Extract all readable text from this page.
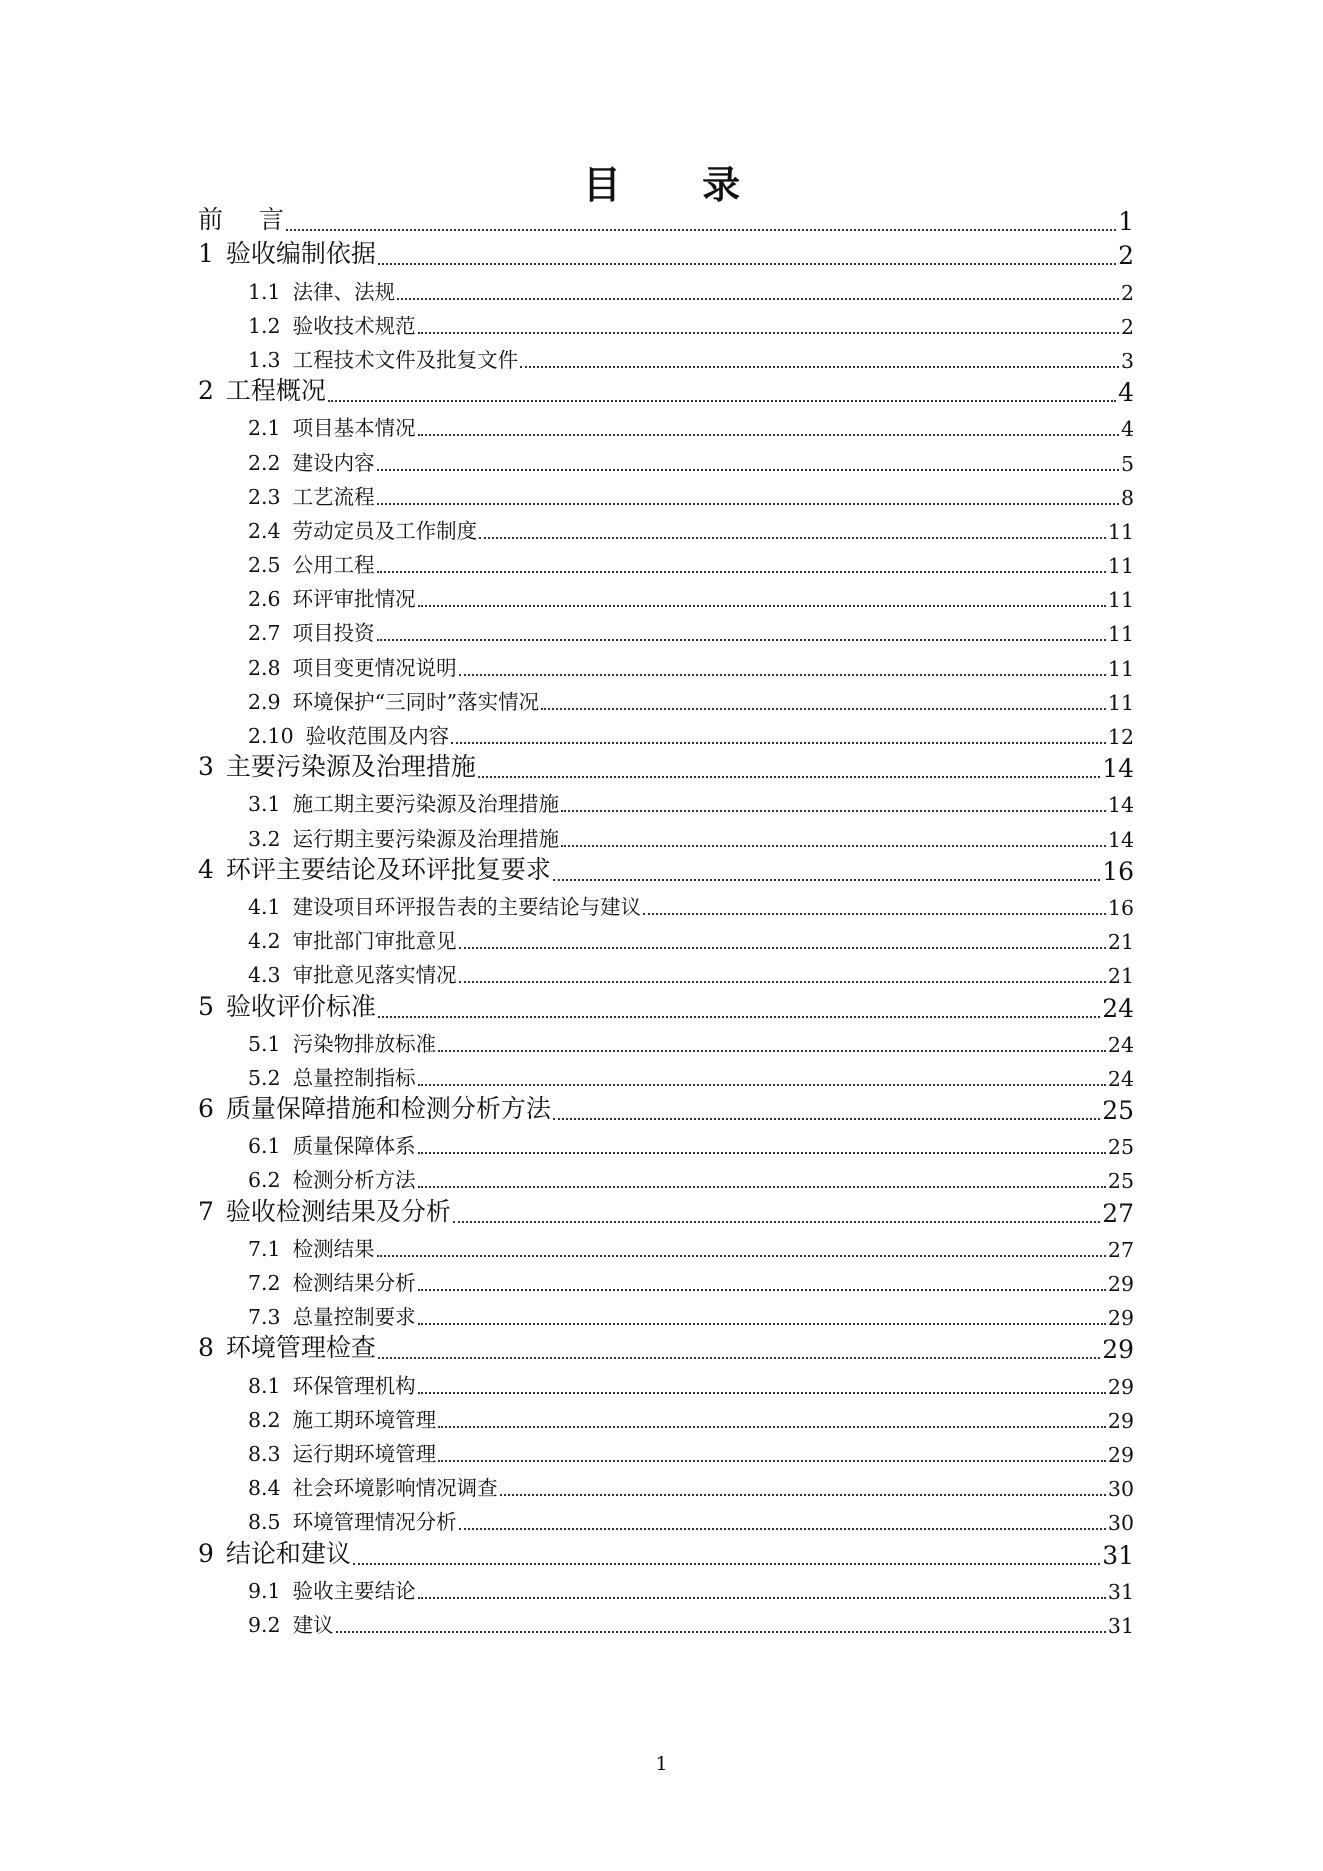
目 录
前 言	1
1 验收编制依据	2
1.1 法律、法规	2
1.2 验收技术规范	2
1.3 工程技术文件及批复文件	3
2 工程概况	4
2.1 项目基本情况	4
2.2 建设内容	5
2.3 工艺流程	8
2.4 劳动定员及工作制度	11
2.5 公用工程	11
2.6 环评审批情况	11
2.7 项目投资	11
2.8 项目变更情况说明	11
2.9 环境保护“三同时”落实情况	11
2.10 验收范围及内容	12
3 主要污染源及治理措施	14
3.1 施工期主要污染源及治理措施	14
3.2 运行期主要污染源及治理措施	14
4 环评主要结论及环评批复要求	16
4.1 建设项目环评报告表的主要结论与建议	16
4.2 审批部门审批意见	21
4.3 审批意见落实情况	21
5 验收评价标准	24
5.1 污染物排放标准	24
5.2 总量控制指标	24
6 质量保障措施和检测分析方法	25
6.1 质量保障体系	25
6.2 检测分析方法	25
7 验收检测结果及分析	27
7.1 检测结果	27
7.2 检测结果分析	29
7.3 总量控制要求	29
8 环境管理检查	29
8.1 环保管理机构	29
8.2 施工期环境管理	29
8.3 运行期环境管理	29
8.4 社会环境影响情况调查	30
8.5 环境管理情况分析	30
9 结论和建议	31
9.1 验收主要结论	31
9.2 建议	31
1
